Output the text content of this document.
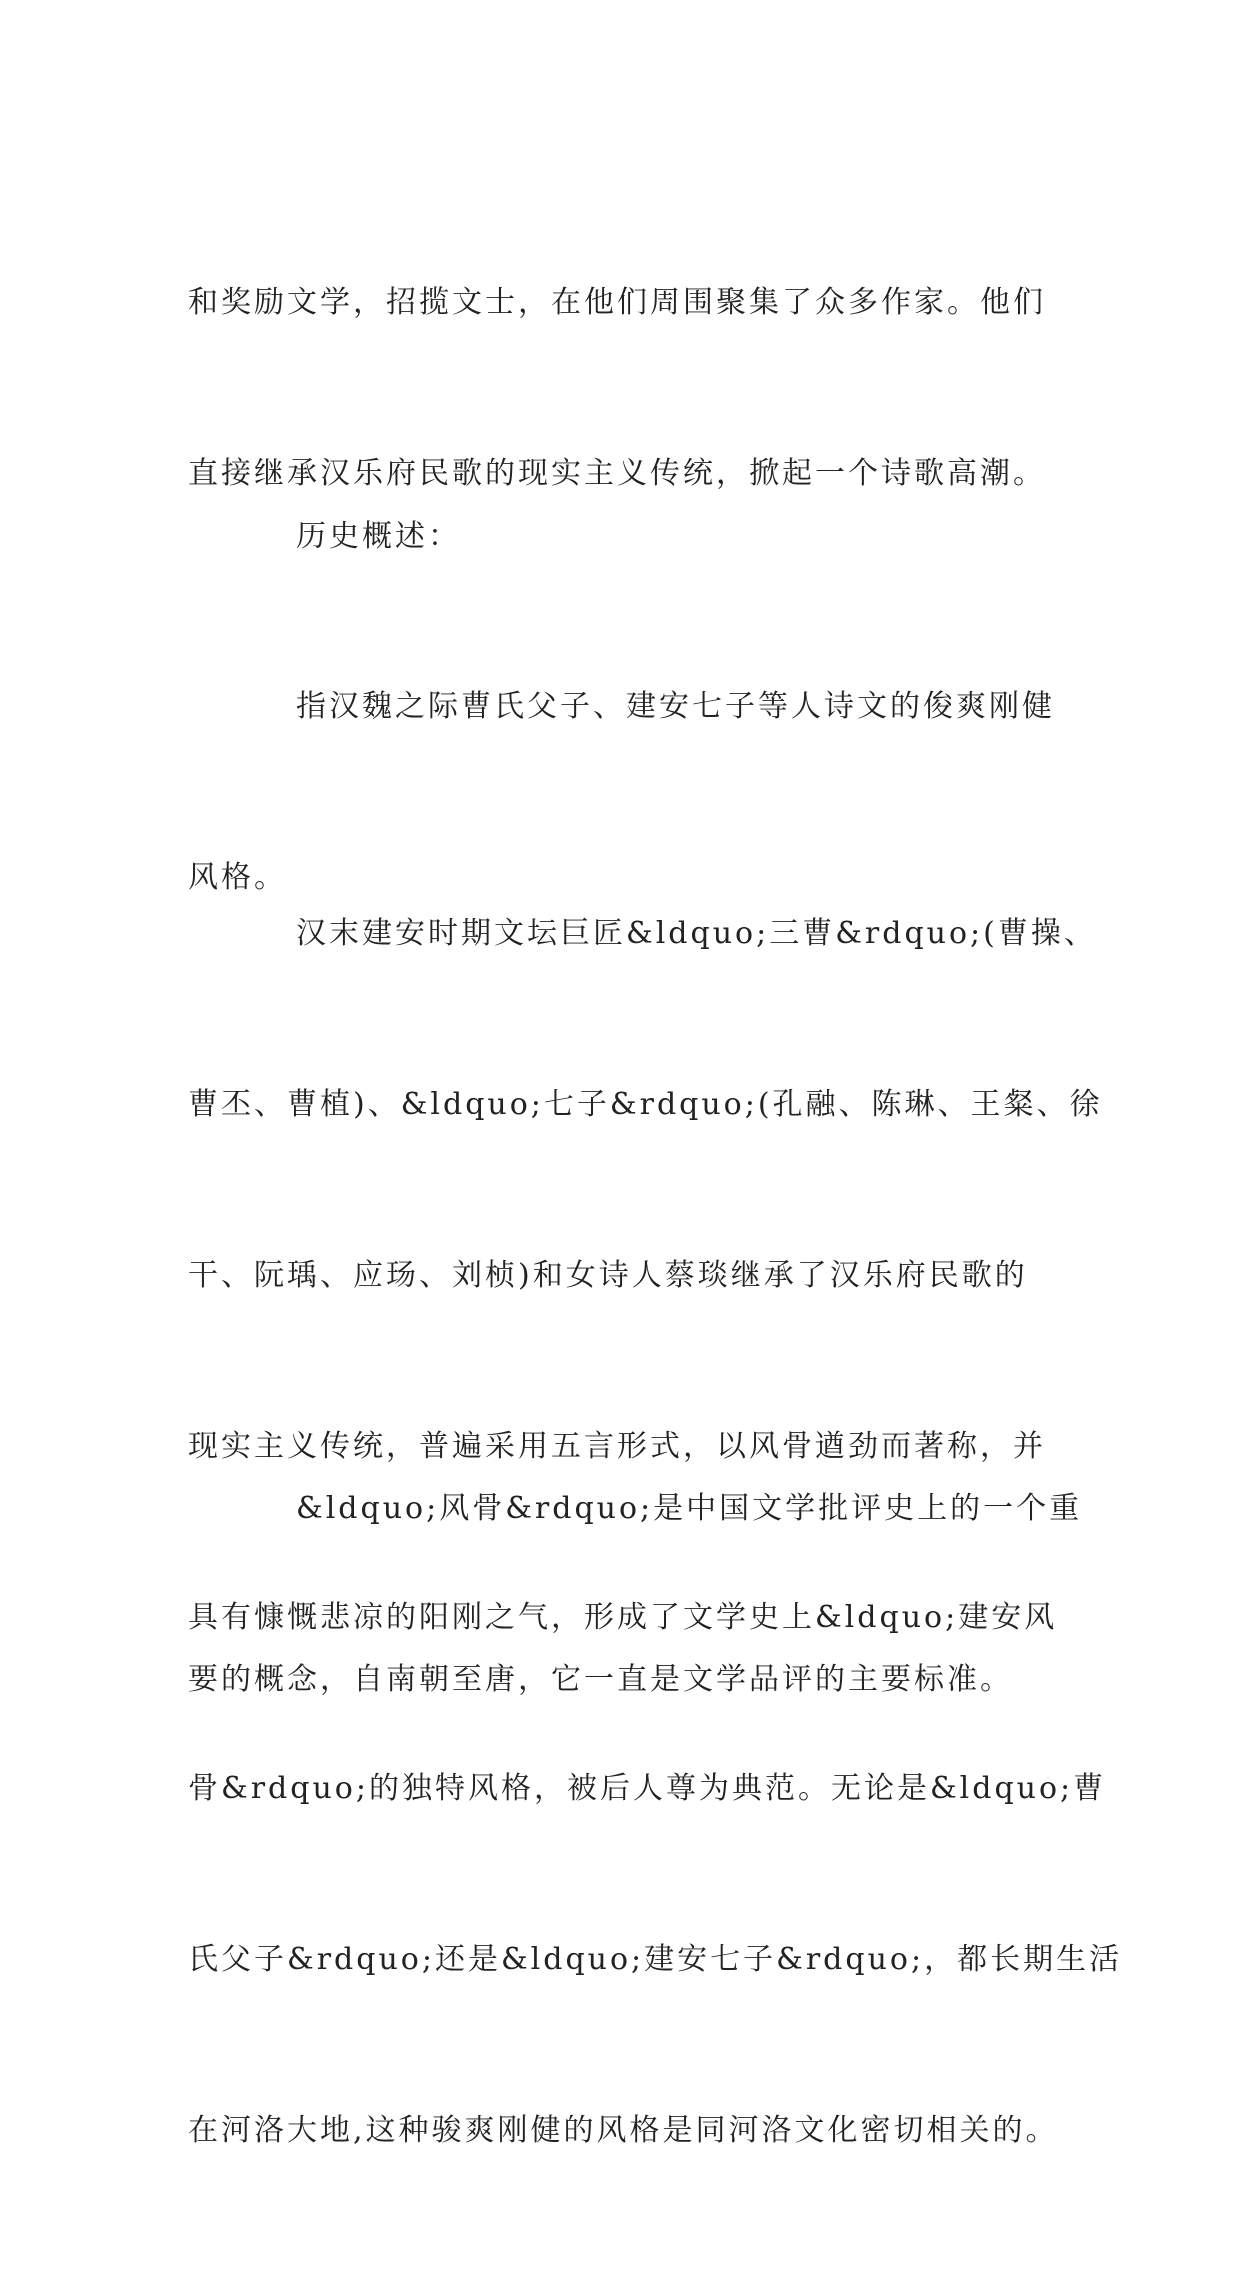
和奖励文学，招揽文士，在他们周围聚集了众多作家。他们

直接继承汉乐府民歌的现实主义传统，掀起一个诗歌高潮。

历史概述：

指汉魏之际曹氏父子、建安七子等人诗文的俊爽刚健

风格。

汉末建安时期文坛巨匠&ldquo;三曹&rdquo;(曹操、

曹丕、曹植)、&ldquo;七子&rdquo;(孔融、陈琳、王粲、徐

干、阮瑀、应玚、刘桢)和女诗人蔡琰继承了汉乐府民歌的

现实主义传统，普遍采用五言形式，以风骨遒劲而著称，并

具有慷慨悲凉的阳刚之气，形成了文学史上&ldquo;建安风

骨&rdquo;的独特风格，被后人尊为典范。无论是&ldquo;曹

氏父子&rdquo;还是&ldquo;建安七子&rdquo;，都长期生活

在河洛大地,这种骏爽刚健的风格是同河洛文化密切相关的。

&ldquo;风骨&rdquo;是中国文学批评史上的一个重

要的概念，自南朝至唐，它一直是文学品评的主要标准。
